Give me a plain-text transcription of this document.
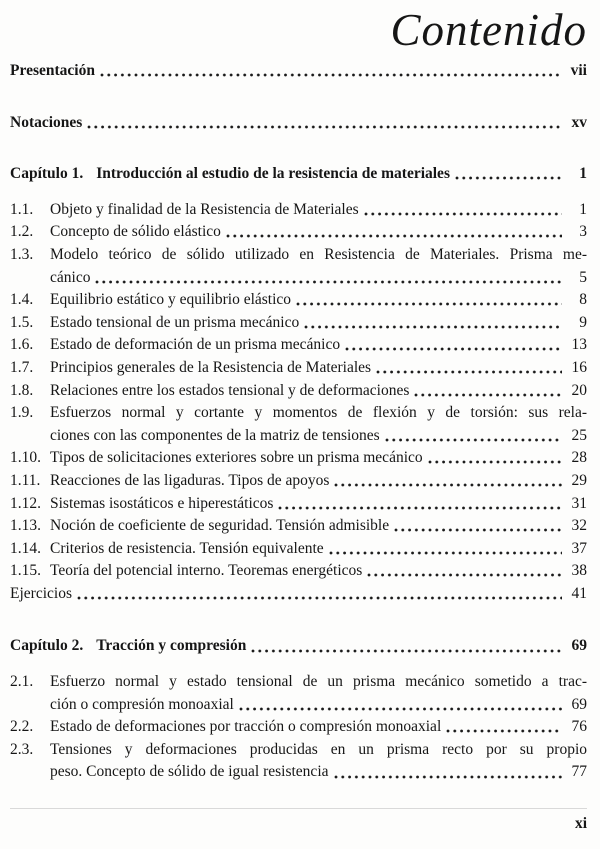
Contenido
Presentación	vii
Notaciones	xv
Capítulo 1. Introducción al estudio de la resistencia de materiales	1
1.1.	Objeto y finalidad de la Resistencia de Materiales	1
1.2.	Concepto de sólido elástico	3
1.3.	Modelo teórico de sólido utilizado en Resistencia de Materiales. Prisma me-
cánico	5
1.4.	Equilibrio estático y equilibrio elástico	8
1.5.	Estado tensional de un prisma mecánico	9
1.6.	Estado de deformación de un prisma mecánico	13
1.7.	Principios generales de la Resistencia de Materiales	16
1.8.	Relaciones entre los estados tensional y de deformaciones	20
1.9.	Esfuerzos normal y cortante y momentos de flexión y de torsión: sus rela-
ciones con las componentes de la matriz de tensiones	25
1.10. Tipos de solicitaciones exteriores sobre un prisma mecánico	28
1.11. Reacciones de las ligaduras. Tipos de apoyos	29
1.12. Sistemas isostáticos e hiperestáticos	31
1.13. Noción de coeficiente de seguridad. Tensión admisible	32
1.14. Criterios de resistencia. Tensión equivalente	37
1.15. Teoría del potencial interno. Teoremas energéticos	38
Ejercicios	41
Capítulo 2. Tracción y compresión	69
2.1.	Esfuerzo normal y estado tensional de un prisma mecánico sometido a trac-
ción o compresión monoaxial	69
2.2.	Estado de deformaciones por tracción o compresión monoaxial	76
2.3.	Tensiones y deformaciones producidas en un prisma recto por su propio
peso. Concepto de sólido de igual resistencia	77
xi
